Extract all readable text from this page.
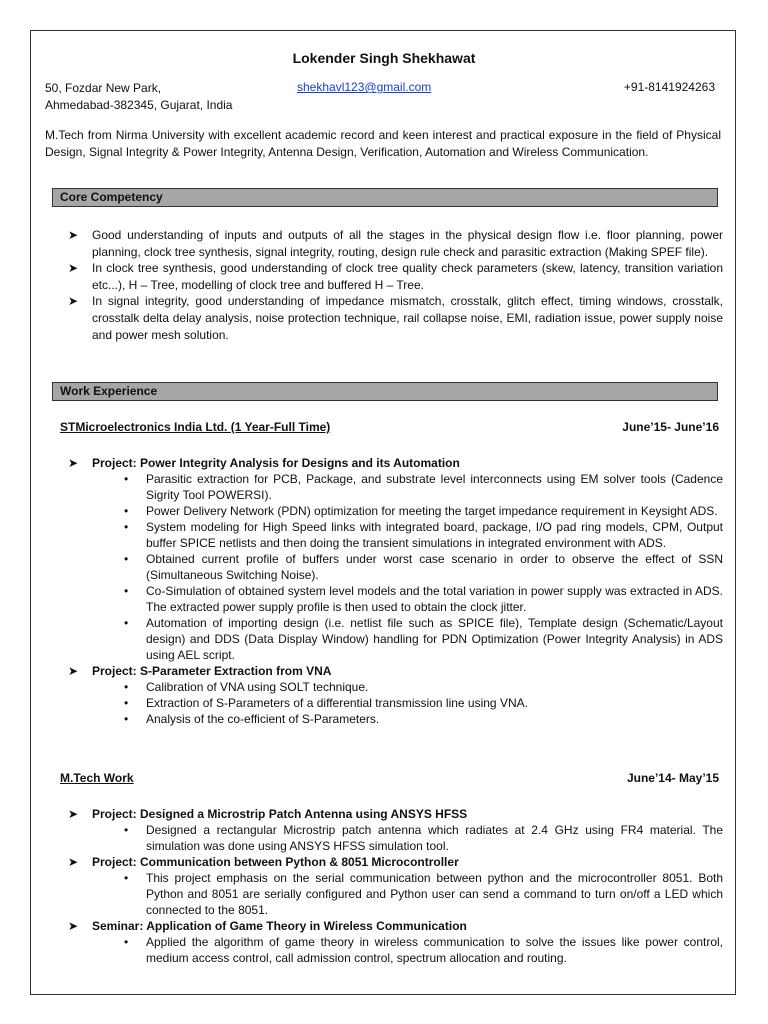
Lokender Singh Shekhawat
50, Fozdar New Park,
Ahmedabad-382345, Gujarat, India
shekhavl123@gmail.com	+91-8141924263
M.Tech from Nirma University with excellent academic record and keen interest and practical exposure in the field of Physical Design, Signal Integrity & Power Integrity, Antenna Design, Verification, Automation and Wireless Communication.
Core Competency
➤ Good understanding of inputs and outputs of all the stages in the physical design flow i.e. floor planning, power planning, clock tree synthesis, signal integrity, routing, design rule check and parasitic extraction (Making SPEF file).
➤ In clock tree synthesis, good understanding of clock tree quality check parameters (skew, latency, transition variation etc...), H – Tree, modelling of clock tree and buffered H – Tree.
➤ In signal integrity, good understanding of impedance mismatch, crosstalk, glitch effect, timing windows, crosstalk, crosstalk delta delay analysis, noise protection technique, rail collapse noise, EMI, radiation issue, power supply noise and power mesh solution.
Work Experience
STMicroelectronics India Ltd. (1 Year-Full Time)	June’15- June’16
➤ Project: Power Integrity Analysis for Designs and its Automation
• Parasitic extraction for PCB, Package, and substrate level interconnects using EM solver tools (Cadence Sigrity Tool POWERSI).
• Power Delivery Network (PDN) optimization for meeting the target impedance requirement in Keysight ADS.
• System modeling for High Speed links with integrated board, package, I/O pad ring models, CPM, Output buffer SPICE netlists and then doing the transient simulations in integrated environment with ADS.
• Obtained current profile of buffers under worst case scenario in order to observe the effect of SSN (Simultaneous Switching Noise).
• Co-Simulation of obtained system level models and the total variation in power supply was extracted in ADS. The extracted power supply profile is then used to obtain the clock jitter.
• Automation of importing design (i.e. netlist file such as SPICE file), Template design (Schematic/Layout design) and DDS (Data Display Window) handling for PDN Optimization (Power Integrity Analysis) in ADS using AEL script.
➤ Project: S-Parameter Extraction from VNA
• Calibration of VNA using SOLT technique.
• Extraction of S-Parameters of a differential transmission line using VNA.
• Analysis of the co-efficient of S-Parameters.
M.Tech Work	June’14- May’15
➤ Project: Designed a Microstrip Patch Antenna using ANSYS HFSS
• Designed a rectangular Microstrip patch antenna which radiates at 2.4 GHz using FR4 material. The simulation was done using ANSYS HFSS simulation tool.
➤ Project: Communication between Python & 8051 Microcontroller
• This project emphasis on the serial communication between python and the microcontroller 8051. Both Python and 8051 are serially configured and Python user can send a command to turn on/off a LED which connected to the 8051.
➤ Seminar: Application of Game Theory in Wireless Communication
• Applied the algorithm of game theory in wireless communication to solve the issues like power control, medium access control, call admission control, spectrum allocation and routing.
